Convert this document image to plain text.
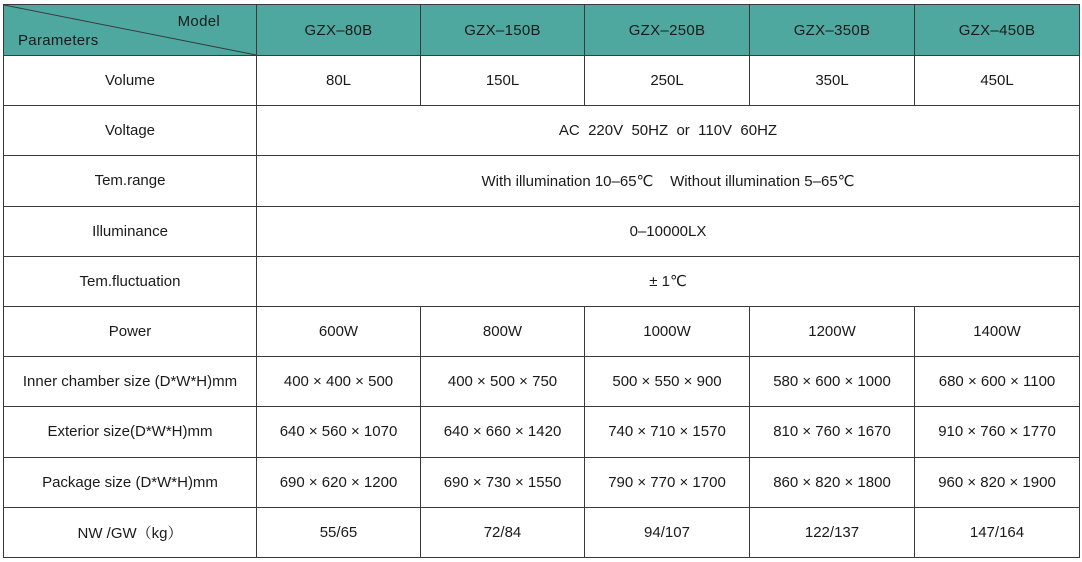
Model
Parameters	GZX–80B	GZX–150B	GZX–250B	GZX–350B	GZX–450B
Volume	80L	150L	250L	350L	450L
Voltage	AC  220V  50HZ  or  110V  60HZ				
Tem.range	With illumination 10–65℃    Without illumination 5–65℃				
Illuminance	0–10000LX				
Tem.fluctuation	± 1℃				
Power	600W	800W	1000W	1200W	1400W
Inner chamber size (D*W*H)mm	400 × 400 × 500	400 × 500 × 750	500 × 550 × 900	580 × 600 × 1000	680 × 600 × 1100
Exterior size(D*W*H)mm	640 × 560 × 1070	640 × 660 × 1420	740 × 710 × 1570	810 × 760 × 1670	910 × 760 × 1770
Package size (D*W*H)mm	690 × 620 × 1200	690 × 730 × 1550	790 × 770 × 1700	860 × 820 × 1800	960 × 820 × 1900
NW /GW（kg）	55/65	72/84	94/107	122/137	147/164
